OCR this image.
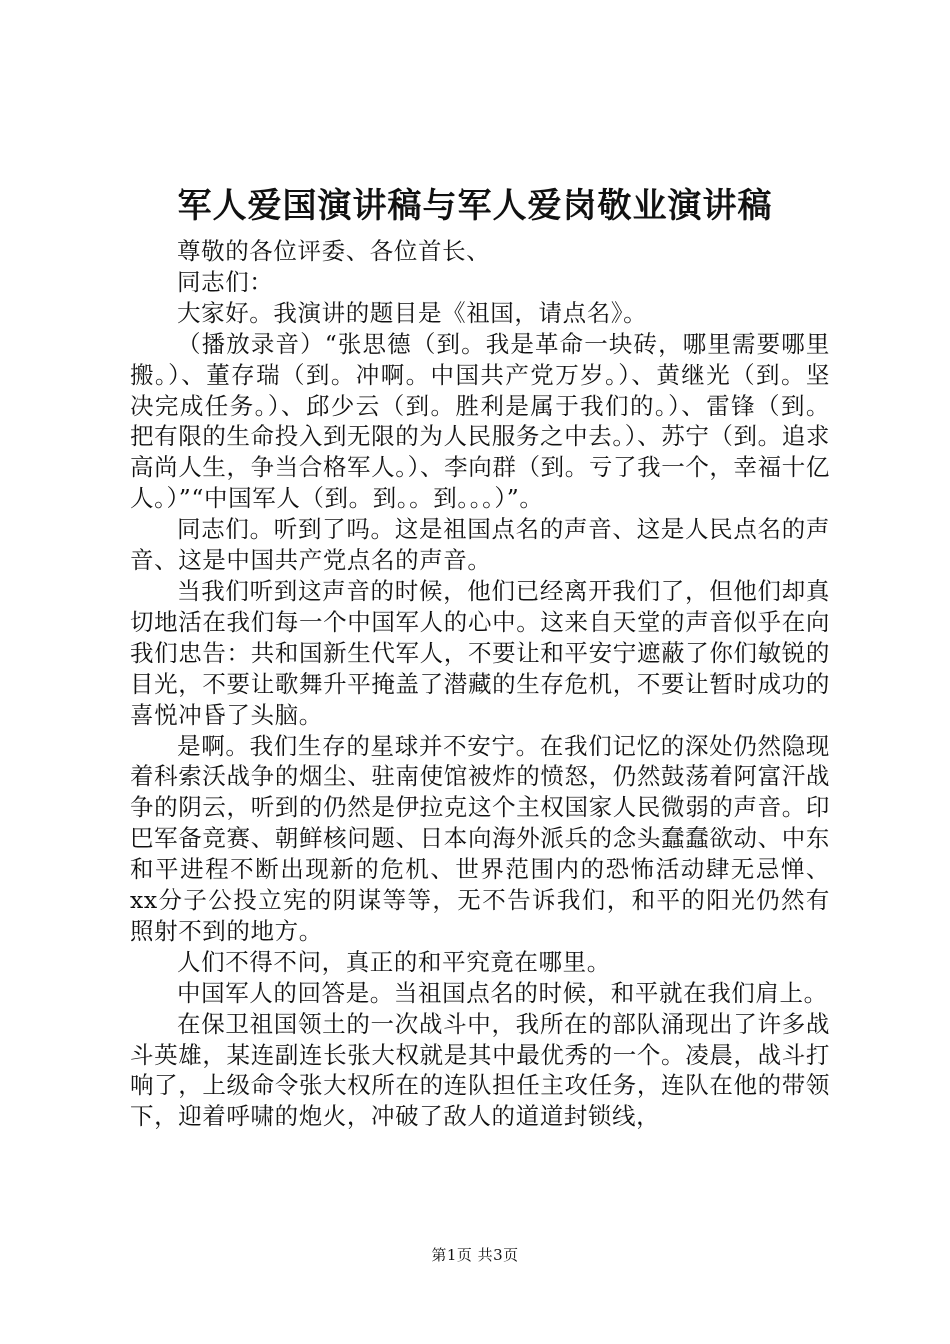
军人爱国演讲稿与军人爱岗敬业演讲稿

尊敬的各位评委、各位首长、

同志们：

大家好。我演讲的题目是《祖国，请点名》。

（播放录音）“张思德（到。我是革命一块砖，哪里需要哪里搬。）、董存瑞（到。冲啊。中国共产党万岁。）、黄继光（到。坚决完成任务。）、邱少云（到。胜利是属于我们的。）、雷锋（到。把有限的生命投入到无限的为人民服务之中去。）、苏宁（到。追求高尚人生，争当合格军人。）、李向群（到。亏了我一个，幸福十亿人。）”“中国军人（到。到。。到。。。）”。

同志们。听到了吗。这是祖国点名的声音、这是人民点名的声音、这是中国共产党点名的声音。

当我们听到这声音的时候，他们已经离开我们了，但他们却真切地活在我们每一个中国军人的心中。这来自天堂的声音似乎在向我们忠告：共和国新生代军人，不要让和平安宁遮蔽了你们敏锐的目光，不要让歌舞升平掩盖了潜藏的生存危机，不要让暂时成功的喜悦冲昏了头脑。

是啊。我们生存的星球并不安宁。在我们记忆的深处仍然隐现着科索沃战争的烟尘、驻南使馆被炸的愤怒，仍然鼓荡着阿富汗战争的阴云，听到的仍然是伊拉克这个主权国家人民微弱的声音。印巴军备竞赛、朝鲜核问题、日本向海外派兵的念头蠢蠢欲动、中东和平进程不断出现新的危机、世界范围内的恐怖活动肆无忌惮、xx分子公投立宪的阴谋等等，无不告诉我们，和平的阳光仍然有照射不到的地方。

人们不得不问，真正的和平究竟在哪里。

中国军人的回答是。当祖国点名的时候，和平就在我们肩上。

在保卫祖国领土的一次战斗中，我所在的部队涌现出了许多战斗英雄，某连副连长张大权就是其中最优秀的一个。凌晨，战斗打响了，上级命令张大权所在的连队担任主攻任务，连队在他的带领下，迎着呼啸的炮火，冲破了敌人的道道封锁线，

第1页 共3页
